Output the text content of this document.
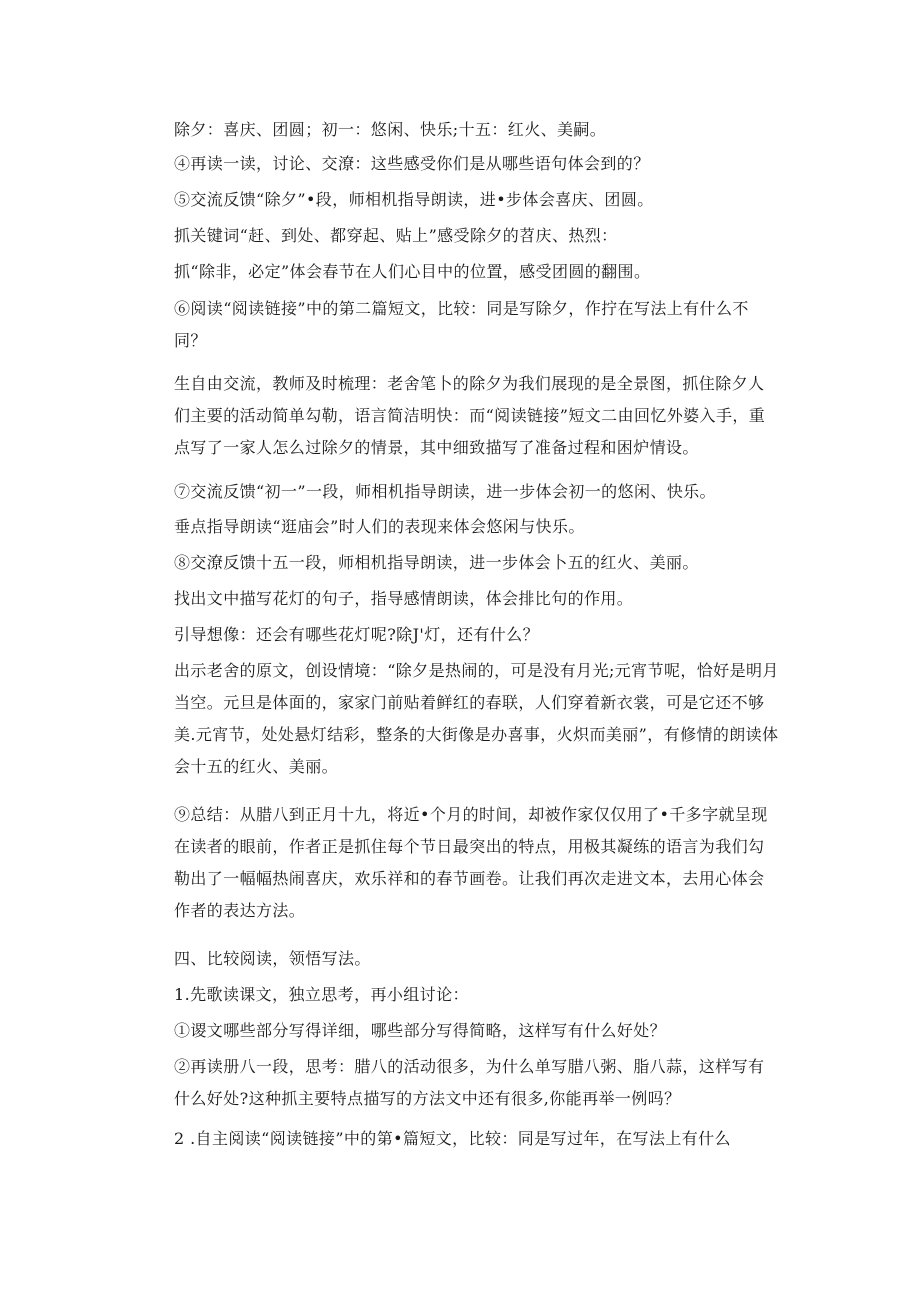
除夕：喜庆、团圆；初一：悠闲、快乐;十五：红火、美嗣。

④再读一读，讨论、交潦：这些感受你们是从哪些语句体会到的？

⑤交流反馈“除夕”•段，师相机指导朗读，进•步体会喜庆、团圆。

抓关键词“赶、到处、都穿起、贴上”感受除夕的苕庆、热烈：

抓“除非，必定”体会春节在人们心目中的位置，感受团圆的翻围。

⑥阅读“阅读链接”中的第二篇短文，比较：同是写除夕，作拧在写法上有什么不同？

生自由交流，教师及时梳理：老舍笔卜的除夕为我们展现的是全景图，抓住除夕人们主要的活动简单勾勒，语言简洁明快：而“阅读链接”短文二由回忆外婆入手，重点写了一家人怎么过除夕的情景，其中细致描写了准备过程和困炉情设。

⑦交流反馈“初一”一段，师相机指导朗读，进一步体会初一的悠闲、快乐。

垂点指导朗读“逛庙会”时人们的表现来体会悠闲与快乐。

⑧交潦反馈十五一段，师相机指导朗读，进一步体会卜五的红火、美丽。

找出文中描写花灯的句子，指导感情朗读，体会排比句的作用。

引导想像：还会有哪些花灯呢?除J'灯，还有什么？

出示老舍的原文，创设情境：“除夕是热闹的，可是没有月光;元宵节呢，恰好是明月当空。元旦是体面的，家家门前贴着鲜红的春联，人们穿着新衣裳，可是它还不够美.元宵节，处处悬灯结彩，整条的大街像是办喜事，火炽而美丽”，有修情的朗读体会十五的红火、美丽。

⑨总结：从腊八到正月十九，将近•个月的时间，却被作家仅仅用了•千多字就呈现在读者的眼前，作者正是抓住每个节日最突出的特点，用极其凝练的语言为我们勾勒出了一幅幅热闹喜庆，欢乐祥和的春节画卷。让我们再次走进文本，去用心体会作者的表达方法。

四、比较阅读，领悟写法。

1.先歌读课文，独立思考，再小组讨论：

①谡文哪些部分写得详细，哪些部分写得简略，这样写有什么好处？

②再读册八一段，思考：腊八的活动很多，为什么单写腊八粥、脂八蒜，这样写有什么好处?这种抓主要特点描写的方法文中还有很多,你能再举一例吗？

2 .自主阅读“阅读链接”中的第•篇短文，比较：同是写过年，在写法上有什么
